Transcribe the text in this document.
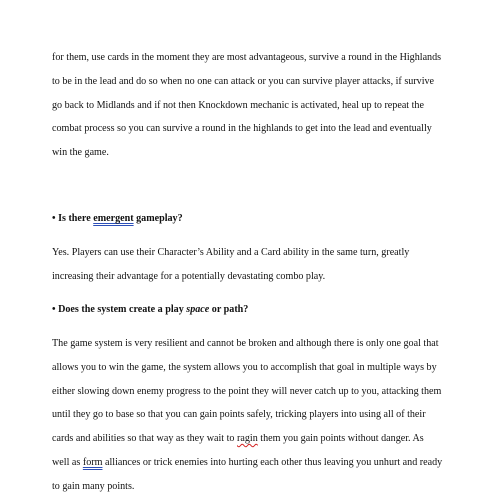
for them, use cards in the moment they are most advantageous, survive a round in the Highlands
to be in the lead and do so when no one can attack or you can survive player attacks, if survive
go back to Midlands and if not then Knockdown mechanic is activated, heal up to repeat the
combat process so you can survive a round in the highlands to get into the lead and eventually
win the game.
• Is there emergent gameplay?
Yes. Players can use their Character’s Ability and a Card ability in the same turn, greatly
increasing their advantage for a potentially devastating combo play.
• Does the system create a play space or path?
The game system is very resilient and cannot be broken and although there is only one goal that
allows you to win the game, the system allows you to accomplish that goal in multiple ways by
either slowing down enemy progress to the point they will never catch up to you, attacking them
until they go to base so that you can gain points safely, tricking players into using all of their
cards and abilities so that way as they wait to ragin them you gain points without danger. As
well as form alliances or trick enemies into hurting each other thus leaving you unhurt and ready
to gain many points.
